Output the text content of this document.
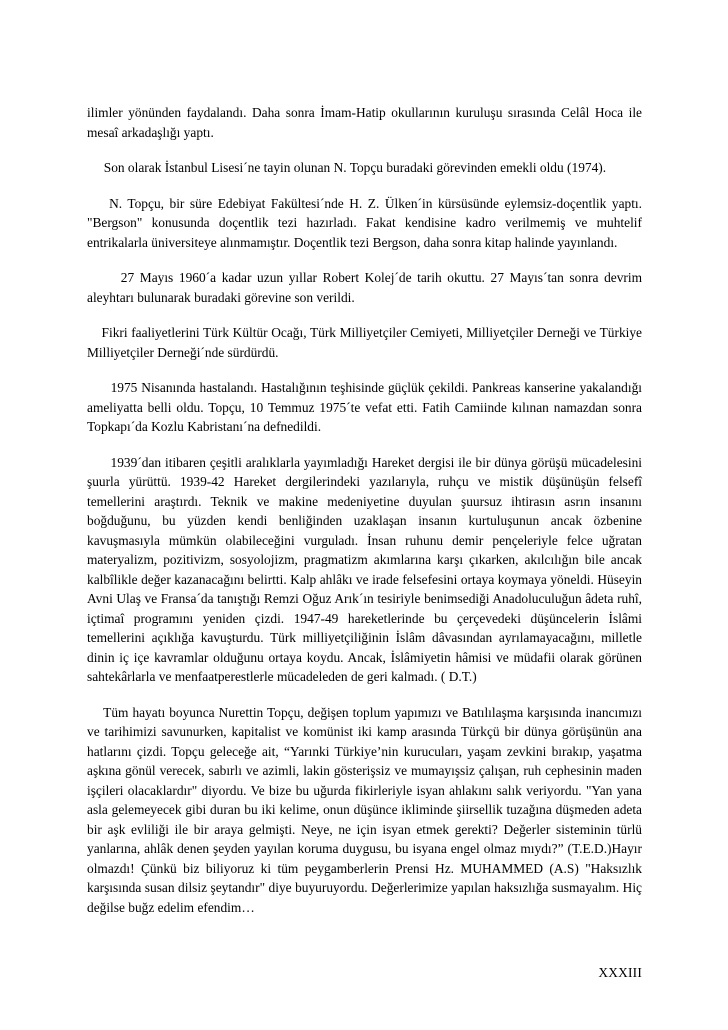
ilimler yönünden faydalandı. Daha sonra İmam-Hatip okullarının kuruluşu sırasında Celâl Hoca ile mesaî arkadaşlığı yaptı.

Son olarak İstanbul Lisesi´ne tayin olunan N. Topçu buradaki görevinden emekli oldu (1974).

N. Topçu, bir süre Edebiyat Fakültesi´nde H. Z. Ülken´in kürsüsünde eylemsiz-doçentlik yaptı. "Bergson" konusunda doçentlik tezi hazırladı. Fakat kendisine kadro verilmemiş ve muhtelif entrikalarla üniversiteye alınmamıştır. Doçentlik tezi Bergson, daha sonra kitap halinde yayınlandı.

27 Mayıs 1960´a kadar uzun yıllar Robert Kolej´de tarih okuttu. 27 Mayıs´tan sonra devrim aleyhtarı bulunarak buradaki görevine son verildi.

Fikri faaliyetlerini Türk Kültür Ocağı, Türk Milliyetçiler Cemiyeti, Milliyetçiler Derneği ve Türkiye Milliyetçiler Derneği´nde sürdürdü.

1975 Nisanında hastalandı. Hastalığının teşhisinde güçlük çekildi. Pankreas kanserine yakalandığı ameliyatta belli oldu. Topçu, 10 Temmuz 1975´te vefat etti. Fatih Camiinde kılınan namazdan sonra Topkapı´da Kozlu Kabristanı´na defnedildi.

1939´dan itibaren çeşitli aralıklarla yayımladığı Hareket dergisi ile bir dünya görüşü mücadelesini şuurla yürüttü. 1939-42 Hareket dergilerindeki yazılarıyla, ruhçu ve mistik düşünüşün felsefî temellerini araştırdı. Teknik ve makine medeniyetine duyulan şuursuz ihtirasın asrın insanını boğduğunu, bu yüzden kendi benliğinden uzaklaşan insanın kurtuluşunun ancak özbenine kavuşmasıyla mümkün olabileceğini vurguladı. İnsan ruhunu demir pençeleriyle felce uğratan materyalizm, pozitivizm, sosyolojizm, pragmatizm akımlarına karşı çıkarken, akılcılığın bile ancak kalbîlikle değer kazanacağını belirtti. Kalp ahlâkı ve irade felsefesini ortaya koymaya yöneldi. Hüseyin Avni Ulaş ve Fransa´da tanıştığı Remzi Oğuz Arık´ın tesiriyle benimsediği Anadoluculuğun âdeta ruhî, içtimaî programını yeniden çizdi. 1947-49 hareketlerinde bu çerçevedeki düşüncelerin İslâmi temellerini açıklığa kavuşturdu. Türk milliyetçiliğinin İslâm dâvasından ayrılamayacağını, milletle dinin iç içe kavramlar olduğunu ortaya koydu. Ancak, İslâmiyetin hâmisi ve müdafii olarak görünen sahtekârlarla ve menfaatperestlerle mücadeleden de geri kalmadı. ( D.T.)

Tüm hayatı boyunca Nurettin Topçu, değişen toplum yapımızı ve Batılılaşma karşısında inancımızı ve tarihimizi savunurken, kapitalist ve komünist iki kamp arasında Türkçü bir dünya görüşünün ana hatlarını çizdi. Topçu geleceğe ait, “Yarınki Türkiye’nin kurucuları, yaşam zevkini bırakıp, yaşatma aşkına gönül verecek, sabırlı ve azimli, lakin gösterişsiz ve mumayışsiz çalışan, ruh cephesinin maden işçileri olacaklardır" diyordu. Ve bize bu uğurda fikirleriyle isyan ahlakını salık veriyordu. "Yan yana asla gelemeyecek gibi duran bu iki kelime, onun düşünce ikliminde şiirsellik tuzağına düşmeden adeta bir aşk evliliği ile bir araya gelmişti. Neye, ne için isyan etmek gerekti? Değerler sisteminin türlü yanlarına, ahlâk denen şeyden yayılan koruma duygusu, bu isyana engel olmaz mıydı?” (T.E.D.)Hayır olmazdı! Çünkü biz biliyoruz ki tüm peygamberlerin Prensi Hz. MUHAMMED (A.S) "Haksızlık karşısında susan dilsiz şeytandır" diye buyuruyordu. Değerlerimize yapılan haksızlığa susmayalım. Hiç değilse buğz edelim efendim…

XXXIII
